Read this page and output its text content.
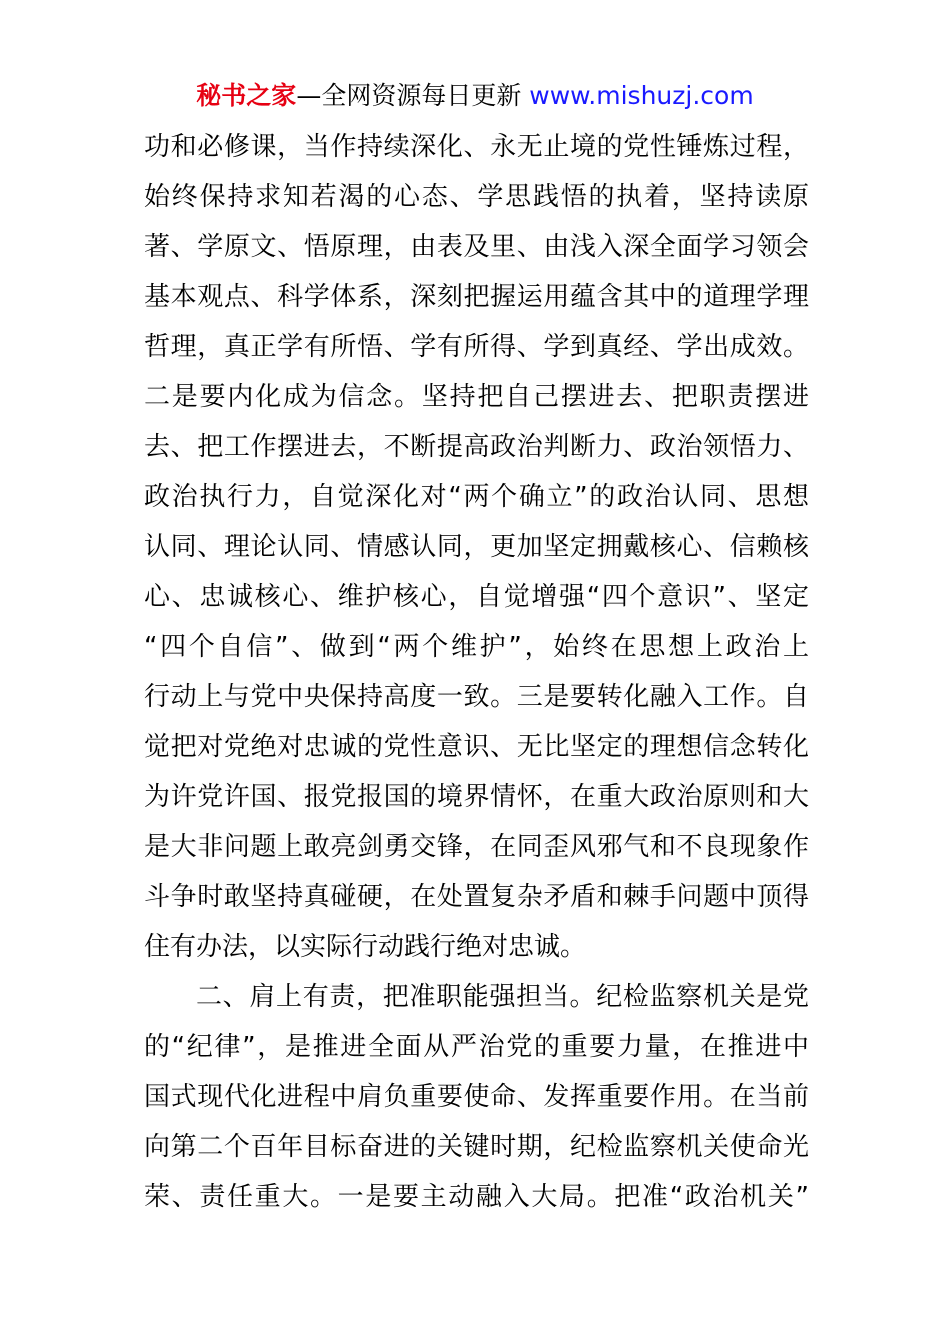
秘书之家—全网资源每日更新 www.mishuzj.com
功和必修课，当作持续深化、永无止境的党性锤炼过程，
始终保持求知若渴的心态、学思践悟的执着，坚持读原
著、学原文、悟原理，由表及里、由浅入深全面学习领会
基本观点、科学体系，深刻把握运用蕴含其中的道理学理
哲理，真正学有所悟、学有所得、学到真经、学出成效。
二是要内化成为信念。坚持把自己摆进去、把职责摆进
去、把工作摆进去，不断提高政治判断力、政治领悟力、
政治执行力，自觉深化对“两个确立”的政治认同、思想
认同、理论认同、情感认同，更加坚定拥戴核心、信赖核
心、忠诚核心、维护核心，自觉增强“四个意识”、坚定
“四个自信”、做到“两个维护”，始终在思想上政治上
行动上与党中央保持高度一致。三是要转化融入工作。自
觉把对党绝对忠诚的党性意识、无比坚定的理想信念转化
为许党许国、报党报国的境界情怀，在重大政治原则和大
是大非问题上敢亮剑勇交锋，在同歪风邪气和不良现象作
斗争时敢坚持真碰硬，在处置复杂矛盾和棘手问题中顶得
住有办法，以实际行动践行绝对忠诚。
二、肩上有责，把准职能强担当。纪检监察机关是党
的“纪律”，是推进全面从严治党的重要力量，在推进中
国式现代化进程中肩负重要使命、发挥重要作用。在当前
向第二个百年目标奋进的关键时期，纪检监察机关使命光
荣、责任重大。一是要主动融入大局。把准“政治机关”
